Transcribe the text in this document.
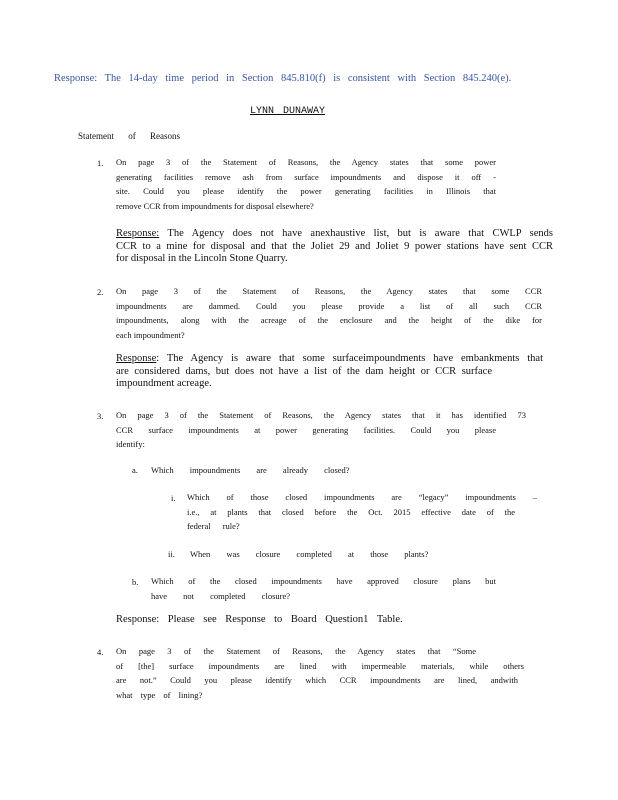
Response: The 14-day time period in Section 845.810(f) is consistent with Section 845.240(e).
LYNN DUNAWAY
Statement of Reasons
1. On page 3 of the Statement of Reasons, the Agency states that some power
generating facilities remove ash from surface impoundments and dispose it off -
site. Could you please identify the power generating facilities in Illinois that
remove CCR from impoundments for disposal elsewhere?
Response: The Agency does not have anexhaustive list, but is aware that CWLP sends
CCR to a mine for disposal and that the Joliet 29 and Joliet 9 power stations have sent CCR
for disposal in the Lincoln Stone Quarry.
2. On page 3 of the Statement of Reasons, the Agency states that some CCR
impoundments are dammed. Could you please provide a list of all such CCR
impoundments, along with the acreage of the enclosure and the height of the dike for
each impoundment?
Response: The Agency is aware that some surfaceimpoundments have embankments that
are considered dams, but does not have a list of the dam height or CCR surface
impoundment acreage.
3. On page 3 of the Statement of Reasons, the Agency states that it has identified 73
CCR surface impoundments at power generating facilities. Could you please
identify:
a. Which impoundments are already closed?
i. Which of those closed impoundments are “legacy” impoundments –
i.e., at plants that closed before the Oct. 2015 effective date of the
federal rule?
ii. When was closure completed at those plants?
b. Which of the closed impoundments have approved closure plans but
have not completed closure?
Response: Please see Response to Board Question1 Table.
4. On page 3 of the Statement of Reasons, the Agency states that “Some
of [the] surface impoundments are lined with impermeable materials, while others
are not.” Could you please identify which CCR impoundments are lined, andwith
what type of lining?
